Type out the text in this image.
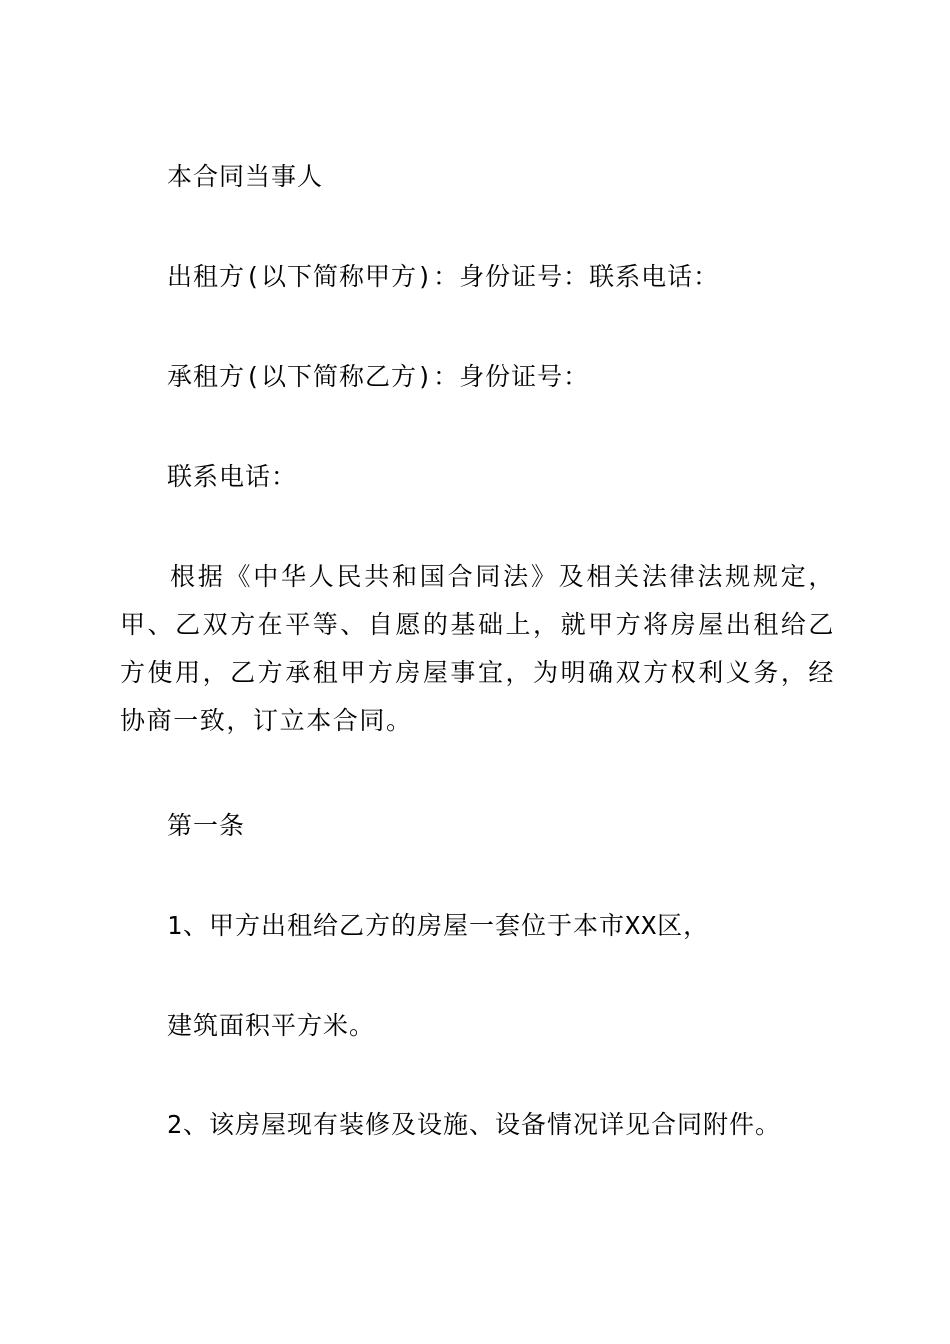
本合同当事人
出租方(以下简称甲方)：身份证号：联系电话：
承租方(以下简称乙方)：身份证号：
联系电话：
根据《中华人民共和国合同法》及相关法律法规规定，甲、乙双方在平等、自愿的基础上，就甲方将房屋出租给乙方使用，乙方承租甲方房屋事宜，为明确双方权利义务，经协商一致，订立本合同。
第一条
1、甲方出租给乙方的房屋一套位于本市XX区，
建筑面积平方米。
2、该房屋现有装修及设施、设备情况详见合同附件。
